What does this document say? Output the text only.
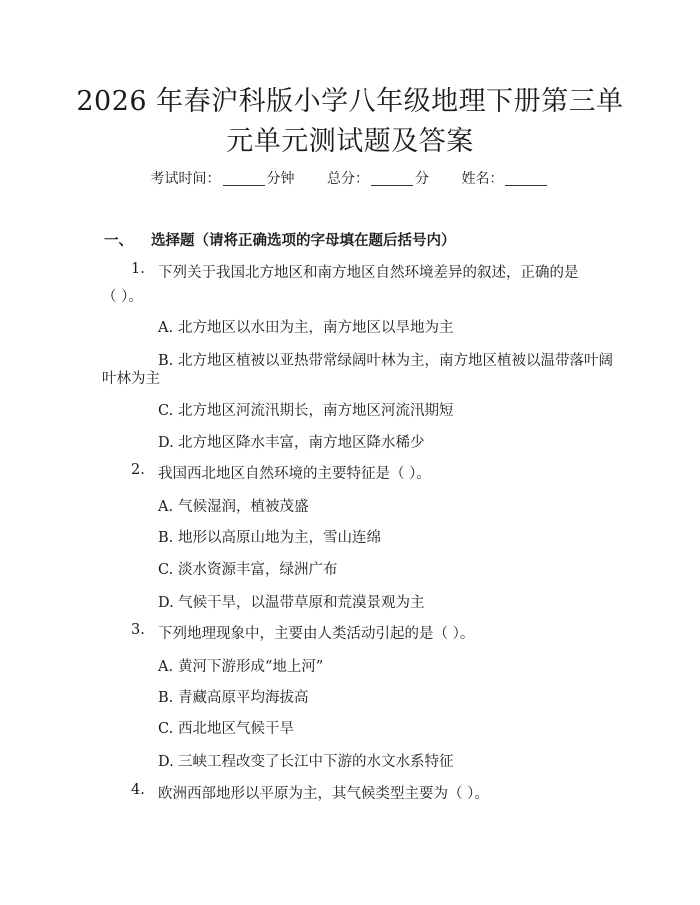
2026 年春沪科版小学八年级地理下册第三单
元单元测试题及答案
考试时间：	分钟 总分：	分 姓名：
一、 选择题（请将正确选项的字母填在题后括号内）
1. 下列关于我国北方地区和南方地区自然环境差异的叙述，正确的是
（ ）。
A. 北方地区以水田为主，南方地区以旱地为主
B. 北方地区植被以亚热带常绿阔叶林为主，南方地区植被以温带落叶阔
叶林为主
C. 北方地区河流汛期长，南方地区河流汛期短
D. 北方地区降水丰富，南方地区降水稀少
2. 我国西北地区自然环境的主要特征是（ ）。
A. 气候湿润，植被茂盛
B. 地形以高原山地为主，雪山连绵
C. 淡水资源丰富，绿洲广布
D. 气候干旱，以温带草原和荒漠景观为主
3. 下列地理现象中，主要由人类活动引起的是（ ）。
A. 黄河下游形成“地上河”
B. 青藏高原平均海拔高
C. 西北地区气候干旱
D. 三峡工程改变了长江中下游的水文水系特征
4. 欧洲西部地形以平原为主，其气候类型主要为（ ）。
